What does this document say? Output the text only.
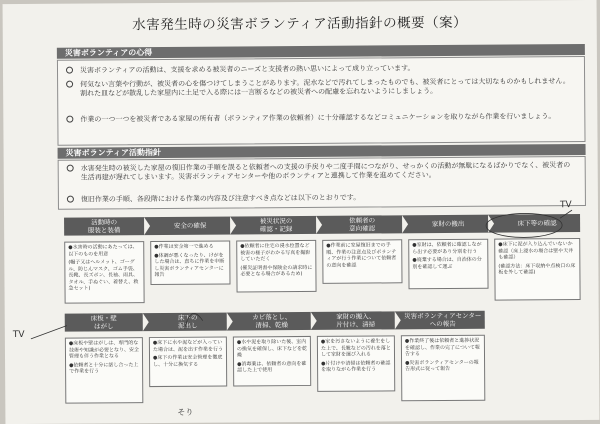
水害発生時の災害ボランティア活動指針の概要（案）
災害ボランティアの心得
災害ボランティアの活動は、支援を求める被災者のニーズと支援者の熱い思いによって成り立っています。
何気ない言葉や行動が、被災者の心を傷つけてしまうことがあります。泥水などで汚れてしまったものでも、被災者にとっては大切なものかもしれません。割れた皿などが散乱した家屋内に土足で入る際には一言断るなどの被災者への配慮を忘れないようにしましょう。
作業の一つ一つを被災者である家屋の所有者（ボランティア作業の依頼者）に十分確認するなどコミュニケーションを取りながら作業を行いましょう。
災害ボランティア活動指針
水害発生時の被災した家屋の復旧作業の手順を誤ると依頼者への支援の手戻りや二度手間につながり、せっかくの活動が無駄になるばかりでなく、被災者の生活再建が遅れてしまいます。災害ボランティアセンターや他のボランティアと連携して作業を進めてください。
復旧作業の手順、各段階における作業の内容及び注意すべき点などは以下のとおりです。
活動時の
服装と装備
安全の確保
被災状況の
確認・記録
依頼者の
意向確認
家財の搬出	床下等の確認

●水害時の活動にあたっては、以下のものを用意

(帽子又はヘルメット、ゴーグル、防じんマスク、ゴム手袋、長靴、長ズボン、長袖、雨具、タオル、手ぬぐい、着替え、救急セット)

●作業は安全第一で進める

●体調が悪くなったり、けがをした場合は、直ちに作業を中断し災害ボランティアセンターに報告

●依頼者に住宅の浸水位置など被害の様子がわかる写真を撮影していただく

(罹災証明書や保険金の請求時に必要となる場合があるため)

●作業前に家屋復旧までの手順、作業の注意点及びボランティアが行う作業について依頼者の意向を確認

●家財は、依頼者に確認しながら出す必要があり分別を行う

●廃棄する場合は、自治体の分別を確認して運ぶ

●床下に泥が入り込んでいないか確認（床上浸水の場合は壁や天井も確認）

(確認方法：床下収納や点検口の床板を外して確認)

床板・壁
はがし
床下の
泥出し
カビ落とし、
清掃、乾燥
家財の搬入、
片付け、清掃
災害ボランティアセンター
への報告

●床板や壁はがしは、専門的な技術や知識が必要となり、安全管理も伴う作業となる

●依頼者と十分に話し合った上で作業を行う

●床下に水や泥などが入っていた場合は、泥を出す作業を行う

●床下の作業は安全管理を徹底し、十分に換気する

●水や泥を取り除いた後、室内の換気を確保し、床下などを乾燥

●消毒薬は、依頼者の意向を確認した上で使用

●家を汚さないように養生をした上で、長靴などの汚れを落として家財を運び入れる

●片付けや清掃は依頼者の確認を取りながら作業を行う

●作業終了後は依頼者と進捗状況を確認し、作業の完了について報告する

●災害ボランティアセンターの報告形式に従って報告

TV
TV
そり
